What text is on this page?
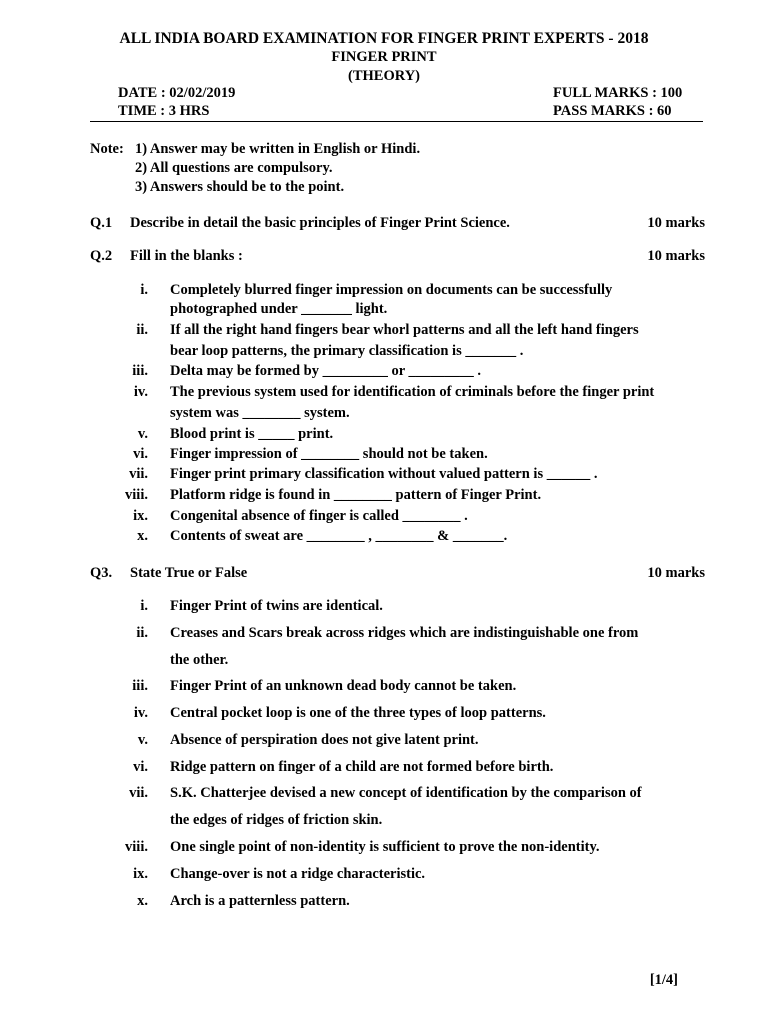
ALL INDIA BOARD EXAMINATION FOR FINGER PRINT EXPERTS - 2018
FINGER PRINT
(THEORY)
DATE : 02/02/2019
TIME : 3 HRS
FULL MARKS : 100
PASS MARKS : 60
Note: 1) Answer may be written in English or Hindi.
2) All questions are compulsory.
3) Answers should be to the point.
Q.1 Describe in detail the basic principles of Finger Print Science.	10 marks
Q.2 Fill in the blanks :	10 marks
i. Completely blurred finger impression on documents can be successfully
photographed under _______ light.
ii. If all the right hand fingers bear whorl patterns and all the left hand fingers
bear loop patterns, the primary classification is _______ .
iii. Delta may be formed by _________ or _________ .
iv. The previous system used for identification of criminals before the finger print
system was ________ system.
v. Blood print is _____ print.
vi. Finger impression of ________ should not be taken.
vii. Finger print primary classification without valued pattern is ______ .
viii. Platform ridge is found in ________ pattern of Finger Print.
ix. Congenital absence of finger is called ________ .
x. Contents of sweat are ________ , ________ & _______.
Q3. State True or False	10 marks
i. Finger Print of twins are identical.
ii. Creases and Scars break across ridges which are indistinguishable one from
the other.
iii. Finger Print of an unknown dead body cannot be taken.
iv. Central pocket loop is one of the three types of loop patterns.
v. Absence of perspiration does not give latent print.
vi. Ridge pattern on finger of a child are not formed before birth.
vii. S.K. Chatterjee devised a new concept of identification by the comparison of
the edges of ridges of friction skin.
viii. One single point of non-identity is sufficient to prove the non-identity.
ix. Change-over is not a ridge characteristic.
x. Arch is a patternless pattern.
[1/4]
